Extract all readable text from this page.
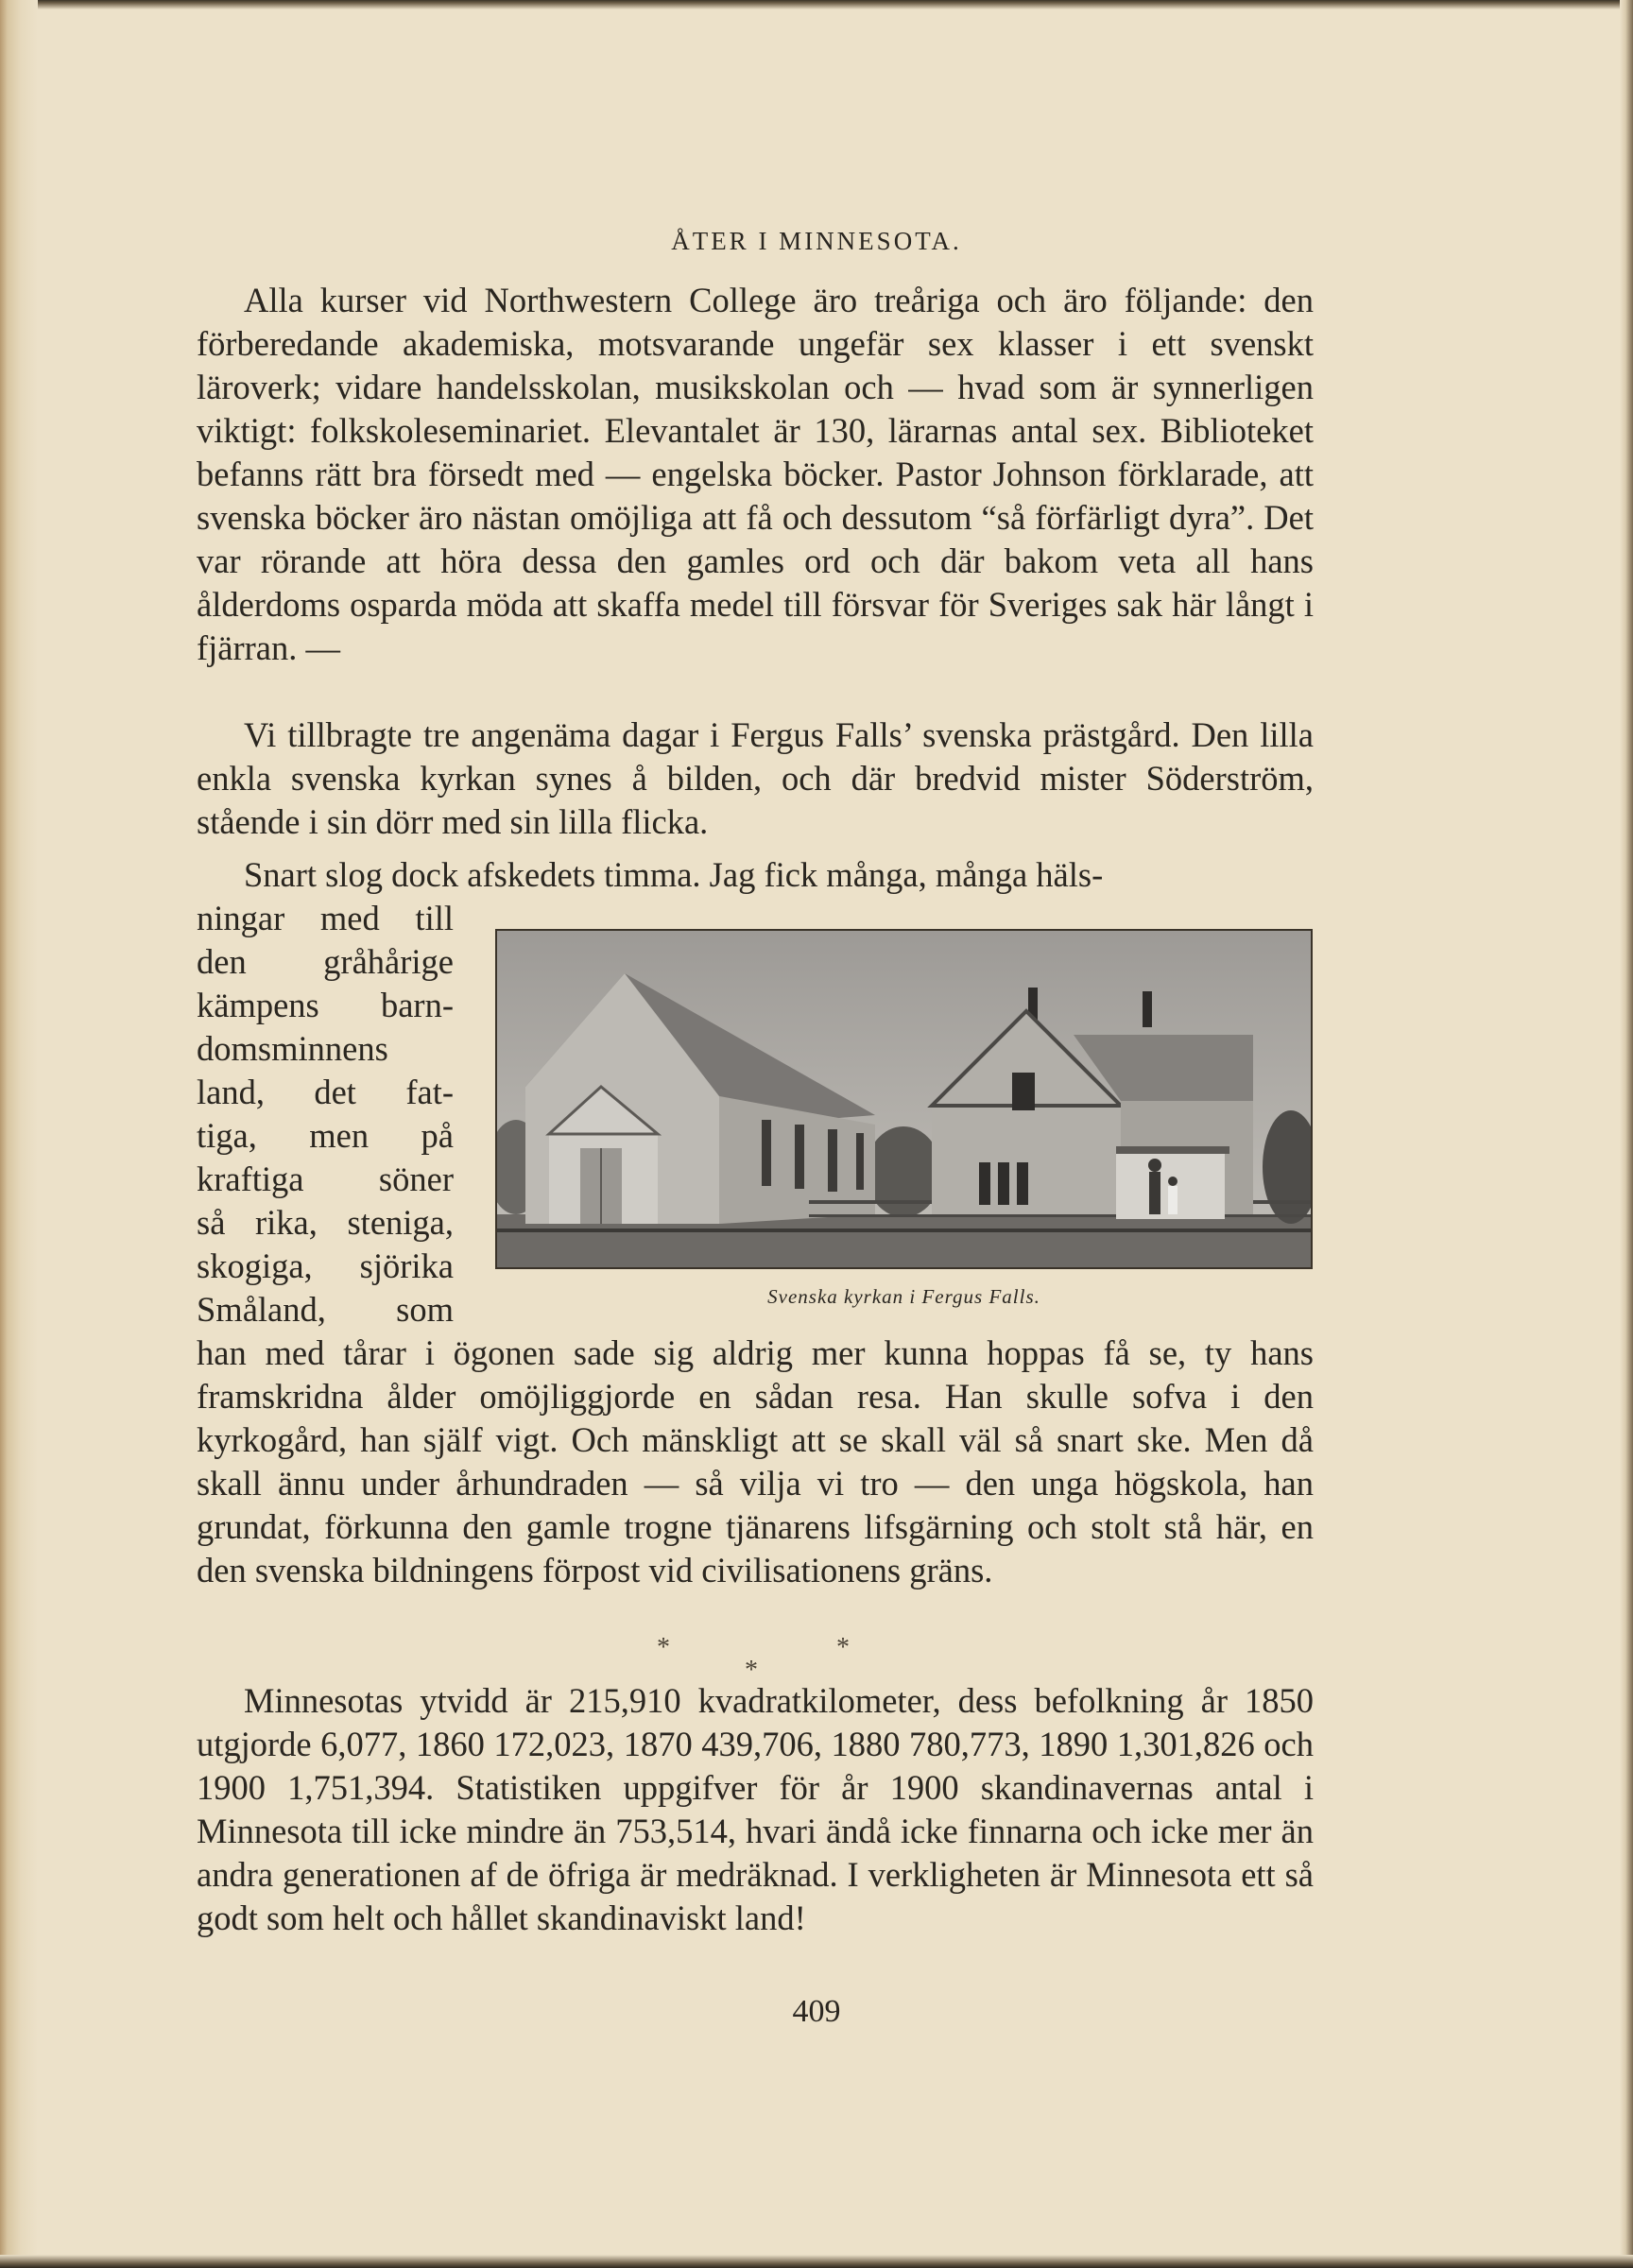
ÅTER I MINNESOTA.

Alla kurser vid Northwestern College äro treåriga och äro följande: den förberedande akademiska, motsvarande ungefär sex klasser i ett svenskt läroverk; vidare handelsskolan, musikskolan och — hvad som är synnerligen viktigt: folkskoleseminariet. Elevantalet är 130, lärarnas antal sex. Biblioteket befanns rätt bra försedt med — engelska böcker. Pastor Johnson förklarade, att svenska böcker äro nästan omöjliga att få och dessutom “så förfärligt dyra”. Det var rörande att höra dessa den gamles ord och där bakom veta all hans ålderdoms osparda möda att skaffa medel till försvar för Sveriges sak här långt i fjärran. —

Vi tillbragte tre angenäma dagar i Fergus Falls’ svenska prästgård. Den lilla enkla svenska kyrkan synes å bilden, och där bredvid mister Söderström, stående i sin dörr med sin lilla flicka.

Snart slog dock afskedets timma. Jag fick många, många häls-

ningar med till
den gråhårige
kämpens barn-
domsminnens
land, det fat-
tiga, men på
kraftiga söner
så rika, steniga,
skogiga, sjörika
Småland, som	Svenska kyrkan i Fergus Falls.

han med tårar i ögonen sade sig aldrig mer kunna hoppas få se, ty hans framskridna ålder omöjliggjorde en sådan resa. Han skulle sofva i den kyrkogård, han själf vigt. Och mänskligt att se skall väl så snart ske. Men då skall ännu under århundraden — så vilja vi tro — den unga högskola, han grundat, förkunna den gamle trogne tjänarens lifsgärning och stolt stå här, en den svenska bildningens förpost vid civilisationens gräns.

*	*
*

Minnesotas ytvidd är 215,910 kvadratkilometer, dess befolkning år 1850 utgjorde 6,077, 1860 172,023, 1870 439,706, 1880 780,773, 1890 1,301,826 och 1900 1,751,394. Statistiken uppgifver för år 1900 skandinavernas antal i Minnesota till icke mindre än 753,514, hvari ändå icke finnarna och icke mer än andra generationen af de öfriga är medräknad. I verkligheten är Minnesota ett så godt som helt och hållet skandinaviskt land!

409
